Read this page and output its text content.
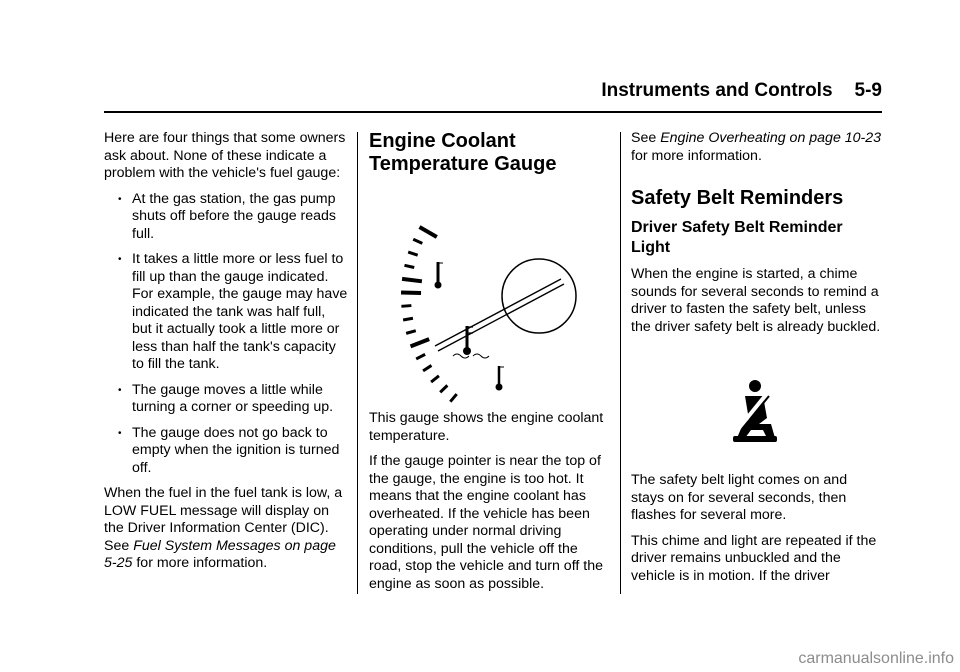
Instruments and Controls 5-9

Here are four things that some owners ask about. None of these indicate a problem with the vehicle's fuel gauge:

• At the gas station, the gas pump shuts off before the gauge reads full.
• It takes a little more or less fuel to fill up than the gauge indicated. For example, the gauge may have indicated the tank was half full, but it actually took a little more or less than half the tank's capacity to fill the tank.
• The gauge moves a little while turning a corner or speeding up.
• The gauge does not go back to empty when the ignition is turned off.

When the fuel in the fuel tank is low, a LOW FUEL message will display on the Driver Information Center (DIC). See Fuel System Messages on page 5-25 for more information.

Engine Coolant Temperature Gauge

This gauge shows the engine coolant temperature.

If the gauge pointer is near the top of the gauge, the engine is too hot. It means that the engine coolant has overheated. If the vehicle has been operating under normal driving conditions, pull the vehicle off the road, stop the vehicle and turn off the engine as soon as possible.

See Engine Overheating on page 10-23 for more information.

Safety Belt Reminders
Driver Safety Belt Reminder Light

When the engine is started, a chime sounds for several seconds to remind a driver to fasten the safety belt, unless the driver safety belt is already buckled.

The safety belt light comes on and stays on for several seconds, then flashes for several more.

This chime and light are repeated if the driver remains unbuckled and the vehicle is in motion. If the driver

carmanualsonline.info
